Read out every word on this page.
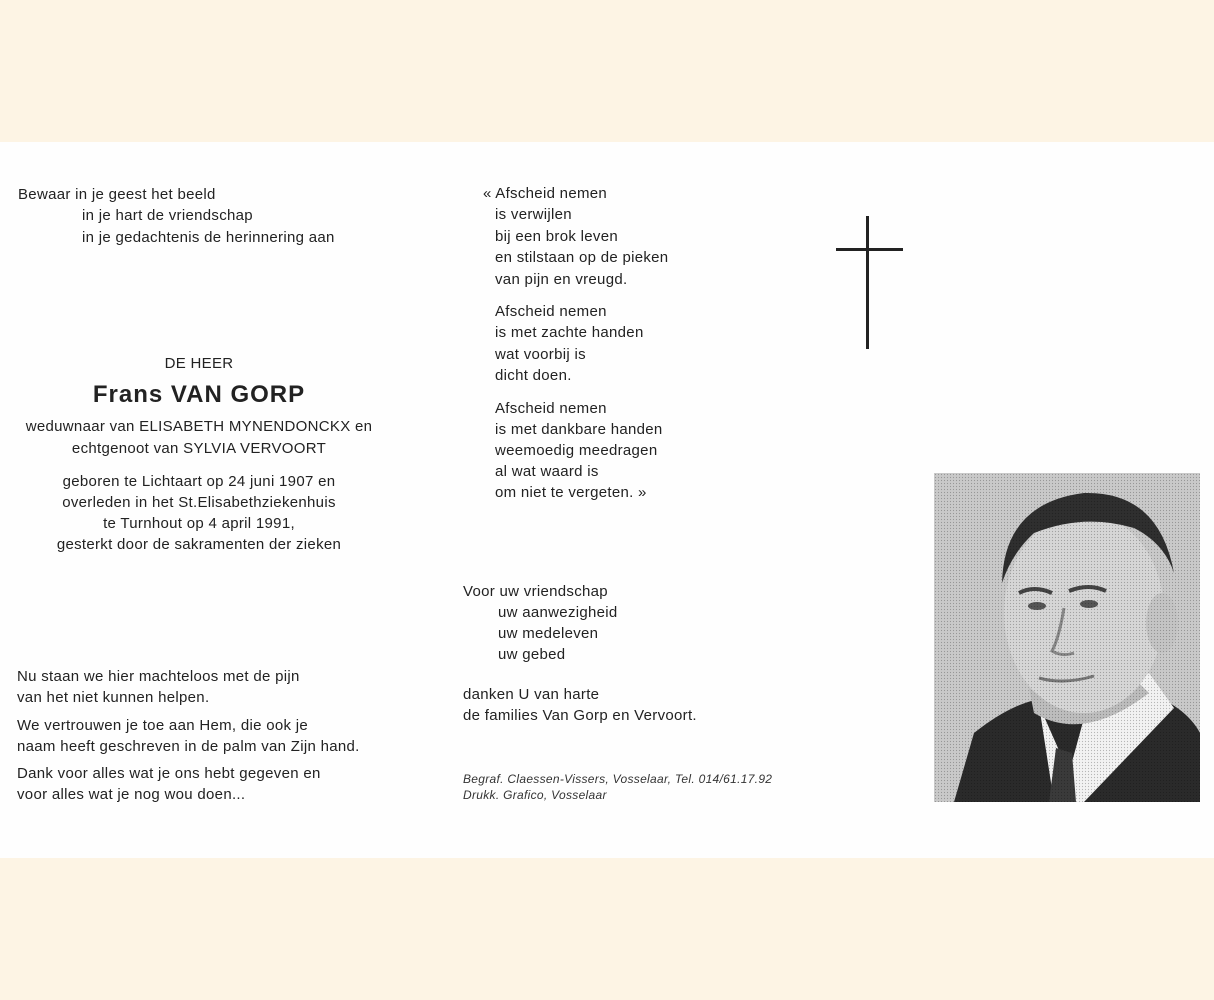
Bewaar in je geest het beeld

in je hart de vriendschap

in je gedachtenis de herinnering aan

DE HEER

Frans VAN GORP

weduwnaar van ELISABETH MYNENDONCKX en

echtgenoot van SYLVIA VERVOORT

geboren te Lichtaart op 24 juni 1907 en

overleden in het St.Elisabethziekenhuis

te Turnhout op 4 april 1991,

gesterkt door de sakramenten der zieken

Nu staan we hier machteloos met de pijn

van het niet kunnen helpen.

We vertrouwen je toe aan Hem, die ook je

naam heeft geschreven in de palm van Zijn hand.

Dank voor alles wat je ons hebt gegeven en

voor alles wat je nog wou doen...

« Afscheid nemen

is verwijlen

bij een brok leven

en stilstaan op de pieken

van pijn en vreugd.

Afscheid nemen

is met zachte handen

wat voorbij is

dicht doen.

Afscheid nemen

is met dankbare handen

weemoedig meedragen

al wat waard is

om niet te vergeten. »

Voor uw vriendschap

uw aanwezigheid

uw medeleven

uw gebed

danken U van harte

de families Van Gorp en Vervoort.

Begraf. Claessen-Vissers, Vosselaar, Tel. 014/61.17.92

Drukk. Grafico, Vosselaar
